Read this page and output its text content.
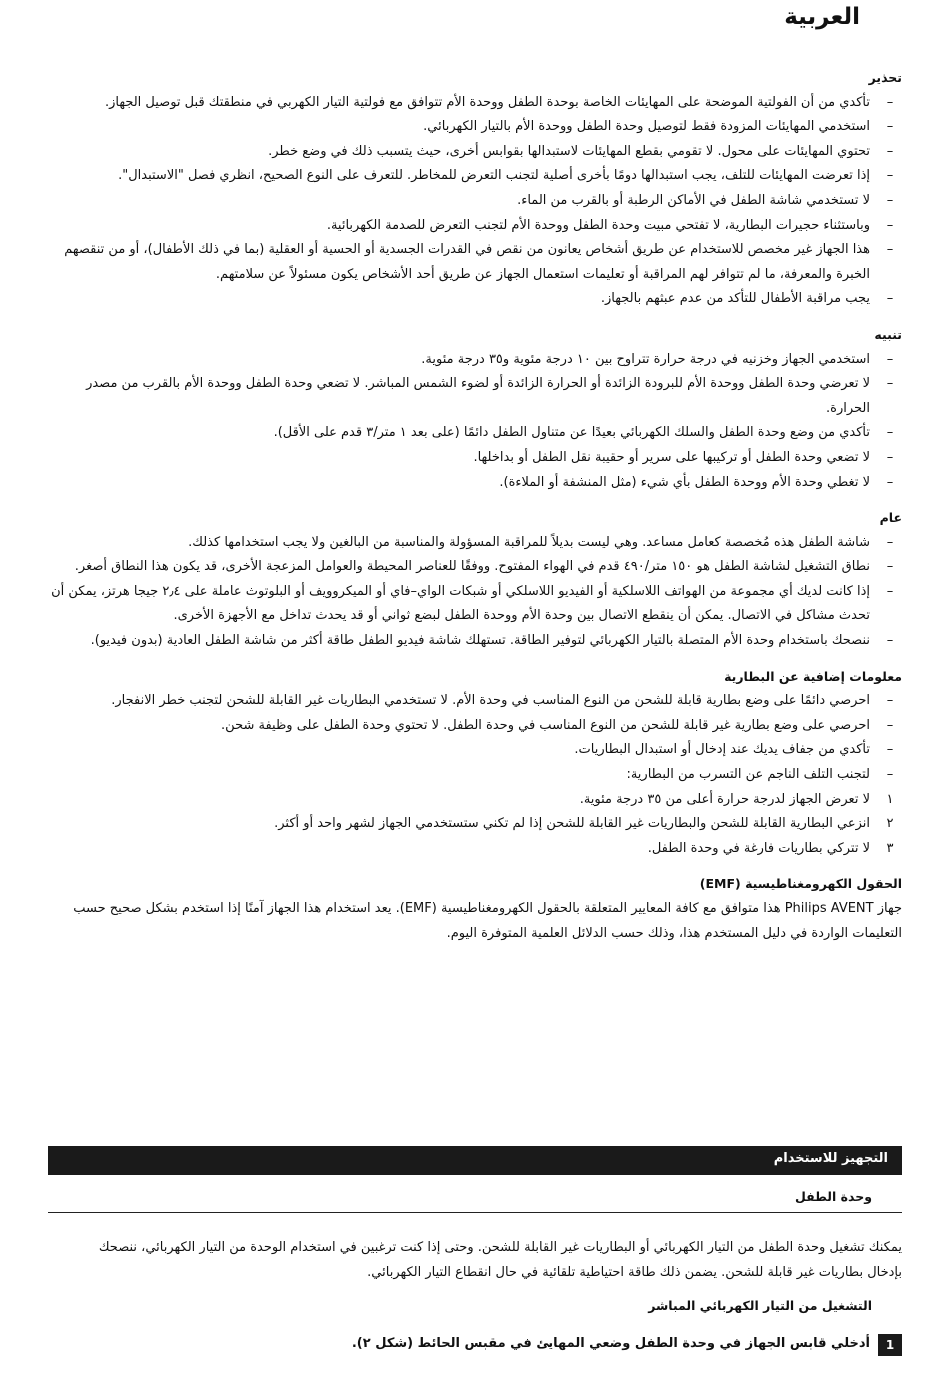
العربية
تحذير
–
تأكدي من أن الفولتية الموضحة على المهايئات الخاصة بوحدة الطفل ووحدة الأم تتوافق مع فولتية التيار الكهربي في منطقتك قبل توصيل الجهاز.
–
استخدمي المهايئات المزودة فقط لتوصيل وحدة الطفل ووحدة الأم بالتيار الكهربائي.
–
تحتوي المهايئات على محول. لا تقومي بقطع المهايئات لاستبدالها بقوابس أخرى، حيث يتسبب ذلك في وضع خطر.
–
إذا تعرضت المهايئات للتلف، يجب استبدالها دومًا بأخرى أصلية لتجنب التعرض للمخاطر. للتعرف على النوع الصحيح، انظري فصل "الاستبدال".
–
لا تستخدمي شاشة الطفل في الأماكن الرطبة أو بالقرب من الماء.
–
وباستثناء حجيرات البطارية، لا تفتحي مبيت وحدة الطفل ووحدة الأم لتجنب التعرض للصدمة الكهربائية.
–
هذا الجهاز غير مخصص للاستخدام عن طريق أشخاص يعانون من نقص في القدرات الجسدية أو الحسية أو العقلية (بما في ذلك الأطفال)، أو من تنقصهم الخبرة والمعرفة، ما لم تتوافر لهم المراقبة أو تعليمات استعمال الجهاز عن طريق أحد الأشخاص يكون مسئولاً عن سلامتهم.
–
يجب مراقبة الأطفال للتأكد من عدم عبثهم بالجهاز.
تنبيه
–
استخدمي الجهاز وخزنيه في درجة حرارة تتراوح بين ١٠ درجة مئوية و٣٥ درجة مئوية.
–
لا تعرضي وحدة الطفل ووحدة الأم للبرودة الزائدة أو الحرارة الزائدة أو لضوء الشمس المباشر. لا تضعي وحدة الطفل ووحدة الأم بالقرب من مصدر الحرارة.
–
تأكدي من وضع وحدة الطفل والسلك الكهربائي بعيدًا عن متناول الطفل دائمًا (على بعد ١ متر/٣ قدم على الأقل).
–
لا تضعي وحدة الطفل أو تركيبها على سرير أو حقيبة نقل الطفل أو بداخلها.
–
لا تغطي وحدة الأم ووحدة الطفل بأي شيء (مثل المنشفة أو الملاءة).
عام
–
شاشة الطفل هذه مُخصصة كعامل مساعد. وهي ليست بديلاً للمراقبة المسؤولة والمناسبة من البالغين ولا يجب استخدامها كذلك.
–
نطاق التشغيل لشاشة الطفل هو ١٥٠ متر/٤٩٠ قدم في الهواء المفتوح. ووفقًا للعناصر المحيطة والعوامل المزعجة الأخرى، قد يكون هذا النطاق أصغر.
–
إذا كانت لديك أي مجموعة من الهواتف اللاسلكية أو الفيديو اللاسلكي أو شبكات الواي–فاي أو الميكروويف أو البلوتوث عاملة على ٢٫٤ جيجا هرتز، يمكن أن تحدث مشاكل في الاتصال. يمكن أن ينقطع الاتصال بين وحدة الأم ووحدة الطفل لبضع ثواني أو قد يحدث تداخل مع الأجهزة الأخرى.
–
ننصحك باستخدام وحدة الأم المتصلة بالتيار الكهربائي لتوفير الطاقة. تستهلك شاشة فيديو الطفل طاقة أكثر من شاشة الطفل العادية (بدون فيديو).
معلومات إضافية عن البطارية
–
احرصي دائمًا على وضع بطارية قابلة للشحن من النوع المناسب في وحدة الأم. لا تستخدمي البطاريات غير القابلة للشحن لتجنب خطر الانفجار.
–
احرصي على وضع بطارية غير قابلة للشحن من النوع المناسب في وحدة الطفل. لا تحتوي وحدة الطفل على وظيفة شحن.
–
تأكدي من جفاف يديك عند إدخال أو استبدال البطاريات.
–
لتجنب التلف الناجم عن التسرب من البطارية:
١
لا تعرض الجهاز لدرجة حرارة أعلى من ٣٥ درجة مئوية.
٢
انزعي البطارية القابلة للشحن والبطاريات غير القابلة للشحن إذا لم تكني ستستخدمي الجهاز لشهر واحد أو أكثر.
٣
لا تتركي بطاريات فارغة في وحدة الطفل.
الحقول الكهرومغناطيسية (EMF)

جهاز Philips AVENT هذا متوافق مع كافة المعايير المتعلقة بالحقول الكهرومغناطيسية (EMF). يعد استخدام هذا الجهاز آمنًا إذا استخدم بشكل صحيح حسب التعليمات الواردة في دليل المستخدم هذا، وذلك حسب الدلائل العلمية المتوفرة اليوم.

التجهيز للاستخدام
وحدة الطفل

يمكنك تشغيل وحدة الطفل من التيار الكهربائي أو البطاريات غير القابلة للشحن. وحتى إذا كنت ترغبين في استخدام الوحدة من التيار الكهربائي، ننصحك بإدخال بطاريات غير قابلة للشحن. يضمن ذلك طاقة احتياطية تلقائية في حال انقطاع التيار الكهربائي.

التشغيل من التيار الكهربائي المباشر
1
أدخلي قابس الجهاز في وحدة الطفل وضعي المهايئ في مقبس الحائط (شكل ٢).
